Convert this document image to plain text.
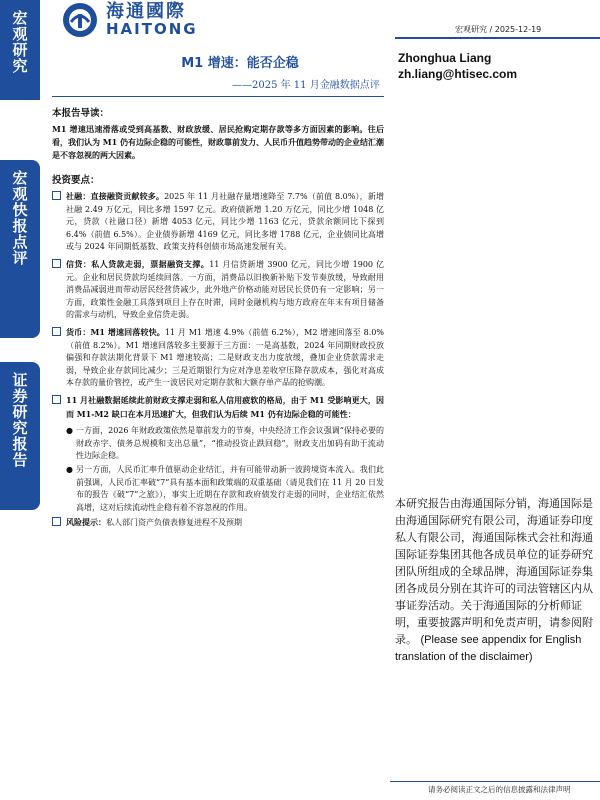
宏观研究
宏观快报点评
证券研究报告
海通國際
HAITONG	宏观研究 / 2025-12-19
M1 增速：能否企稳
——2025 年 11 月金融数据点评
Zhonghua Liang
zh.liang@htisec.com
本报告导读：
M1 增速迅速滑落或受到高基数、财政放缓、居民抢购定期存款等多方面因素的影响。往后看，我们认为 M1 仍有边际企稳的可能性，财政靠前发力、人民币升值趋势带动的企业结汇潮是不容忽视的两大因素。
投资要点：
社融：直接融资贡献较多。2025 年 11 月社融存量增速降至 7.7%（前值 8.0%），新增社融 2.49 万亿元，同比多增 1597 亿元。政府债新增 1.20 万亿元，同比少增 1048 亿元，贷款（社融口径）新增 4053 亿元，同比少增 1163 亿元，贷款余额同比下探到 6.4%（前值 6.5%）。企业债券新增 4169 亿元，同比多增 1788 亿元，企业债同比高增或与 2024 年同期低基数、政策支持科创债市场高速发展有关。
信贷：私人贷款走弱，票据融资支撑。11 月信贷新增 3900 亿元，同比少增 1900 亿元。企业和居民贷款均延续回落。一方面，消费品以旧换新补贴下发节奏放缓，导致耐用消费品减弱进而带动居民经营贷减少，此外地产价格动能对居民长贷仍有一定影响；另一方面，政策性金融工具落到项目上存在时滞，同时金融机构与地方政府在年末有项目储备的需求与动机，导致企业信贷走弱。
货币：M1 增速回落较快。11 月 M1 增速 4.9%（前值 6.2%），M2 增速回落至 8.0%（前值 8.2%）。M1 增速回落较多主要源于三方面：一是高基数，2024 年同期财政投放偏强和存款法期化背景下 M1 增速较高；二是财政支出力度放缓，叠加企业贷款需求走弱，导致企业存款同比减少；三是近期银行为应对净息差收窄压降存款成本，强化对高成本存款的量价管控，或产生一波居民对定期存款和大额存单产品的抢购潮。
11 月社融数据延续此前财政支撑走弱和私人信用疲软的格局，由于 M1 受影响更大，因而 M1-M2 缺口在本月迅速扩大，但我们认为后续 M1 仍有边际企稳的可能性：
● 一方面，2026 年财政政策依然是靠前发力的节奏，中央经济工作会议强调“保持必要的财政赤字、债务总规模和支出总量”，“推动投资止跌回稳”，财政支出加码有助于流动性边际企稳。
● 另一方面，人民币汇率升值驱动企业结汇，并有可能带动新一波跨境资本流入。我们此前强调，人民币汇率破“7”具有基本面和政策端的双重基础（请见我们在 11 月 20 日发布的报告《破“7”之旅》），事实上近期在存款和政府债发行走弱的同时，企业结汇依然高增，这对后续流动性企稳有着不容忽视的作用。
风险提示：私人部门资产负债表修复进程不及预期
本研究报告由海通国际分销，海通国际是由海通国际研究有限公司，海通证券印度私人有限公司，海通国际株式会社和海通国际证券集团其他各成员单位的证券研究团队所组成的全球品牌，海通国际证券集团各成员分别在其许可的司法管辖区内从事证券活动。关于海通国际的分析师证明，重要披露声明和免责声明，请参阅附录。 (Please see appendix for English translation of the disclaimer)
请务必阅读正文之后的信息披露和法律声明
